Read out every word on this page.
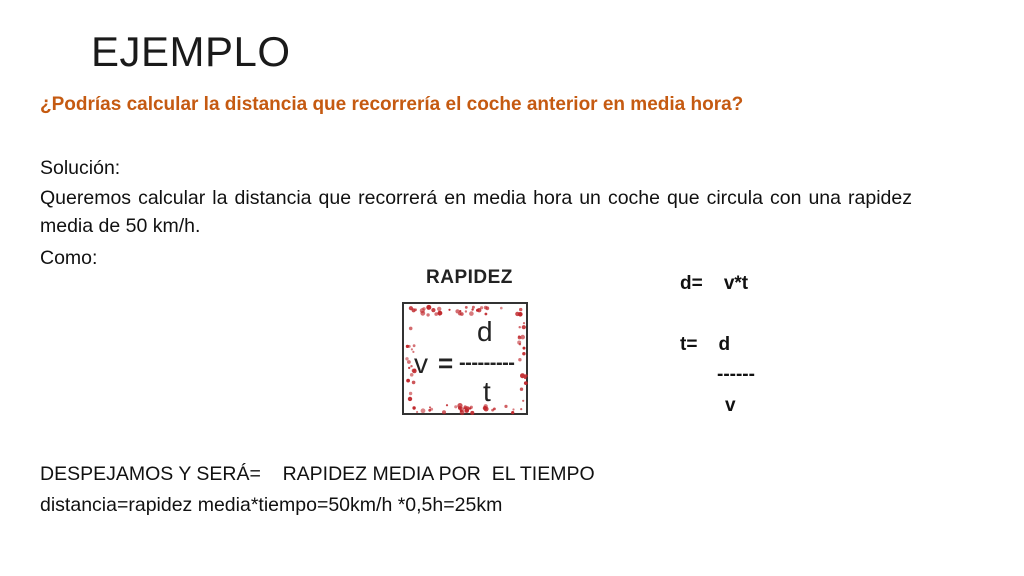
EJEMPLO

¿Podrías calcular la distancia que recorrería el coche anterior en media hora?

Solución:

Queremos calcular la distancia que recorrerá en media hora un coche que circula con una rapidez media de 50 km/h.

Como:

RAPIDEZ
d
v = ---------
t

d=    v*t

t=    d

------

v

DESPEJAMOS Y SERÁ=    RAPIDEZ MEDIA POR  EL TIEMPO

distancia=rapidez media*tiempo=50km/h *0,5h=25km
